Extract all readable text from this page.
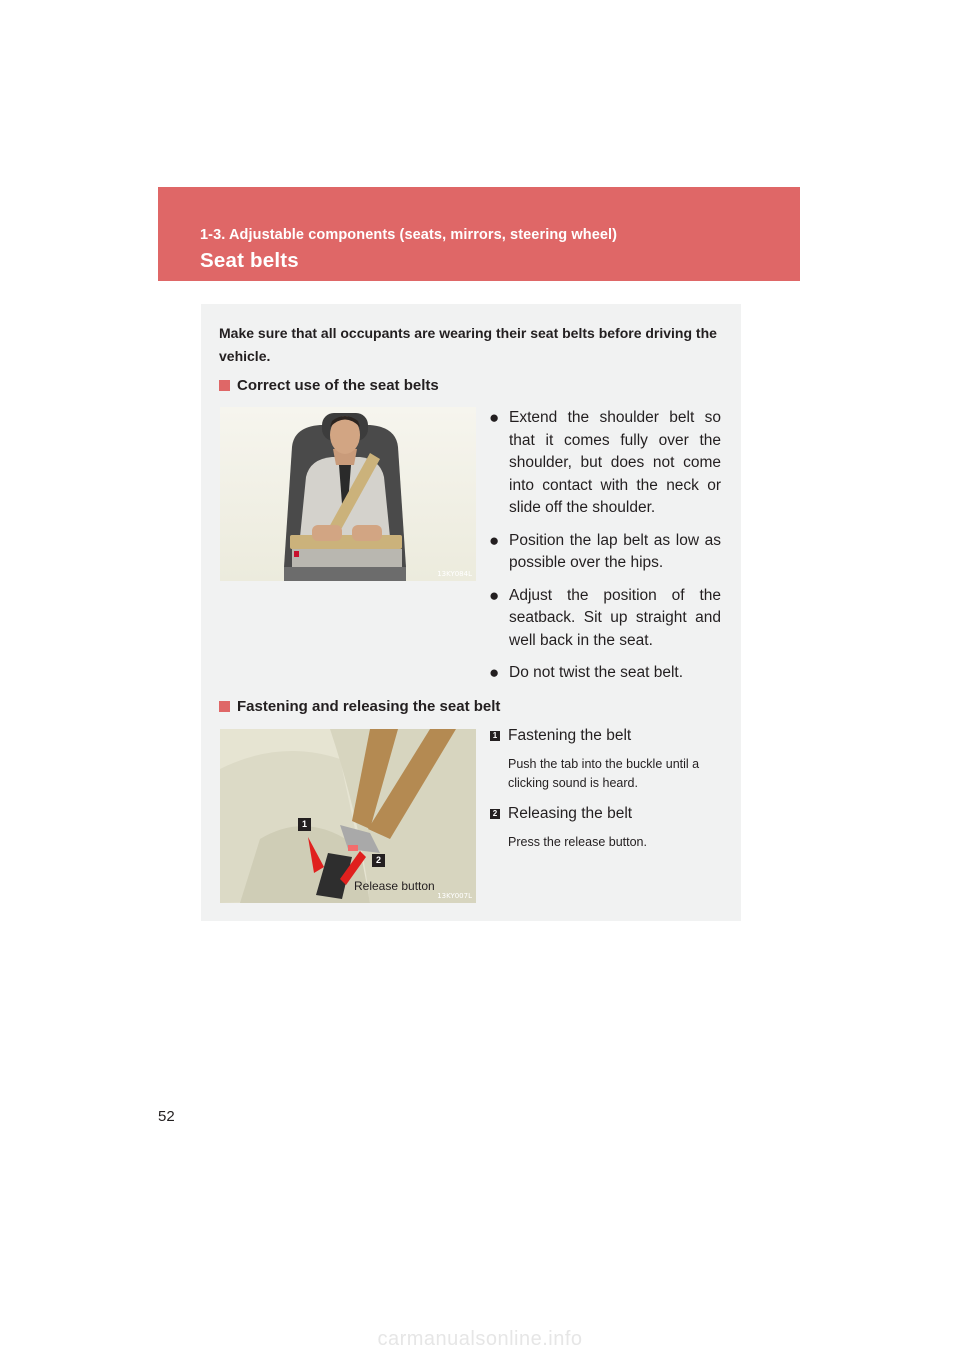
1-3. Adjustable components (seats, mirrors, steering wheel)
Seat belts
Make sure that all occupants are wearing their seat belts before driving the vehicle.
Correct use of the seat belts
13KY084L
● Extend the shoulder belt so that it comes fully over the shoulder, but does not come into contact with the neck or slide off the shoulder.
● Position the lap belt as low as possible over the hips.
● Adjust the position of the seatback. Sit up straight and well back in the seat.
● Do not twist the seat belt.
Fastening and releasing the seat belt
1
2
Release button
13KY007L
1 Fastening the belt
Push the tab into the buckle until a clicking sound is heard.
2 Releasing the belt
Press the release button.
52
carmanualsonline.info
